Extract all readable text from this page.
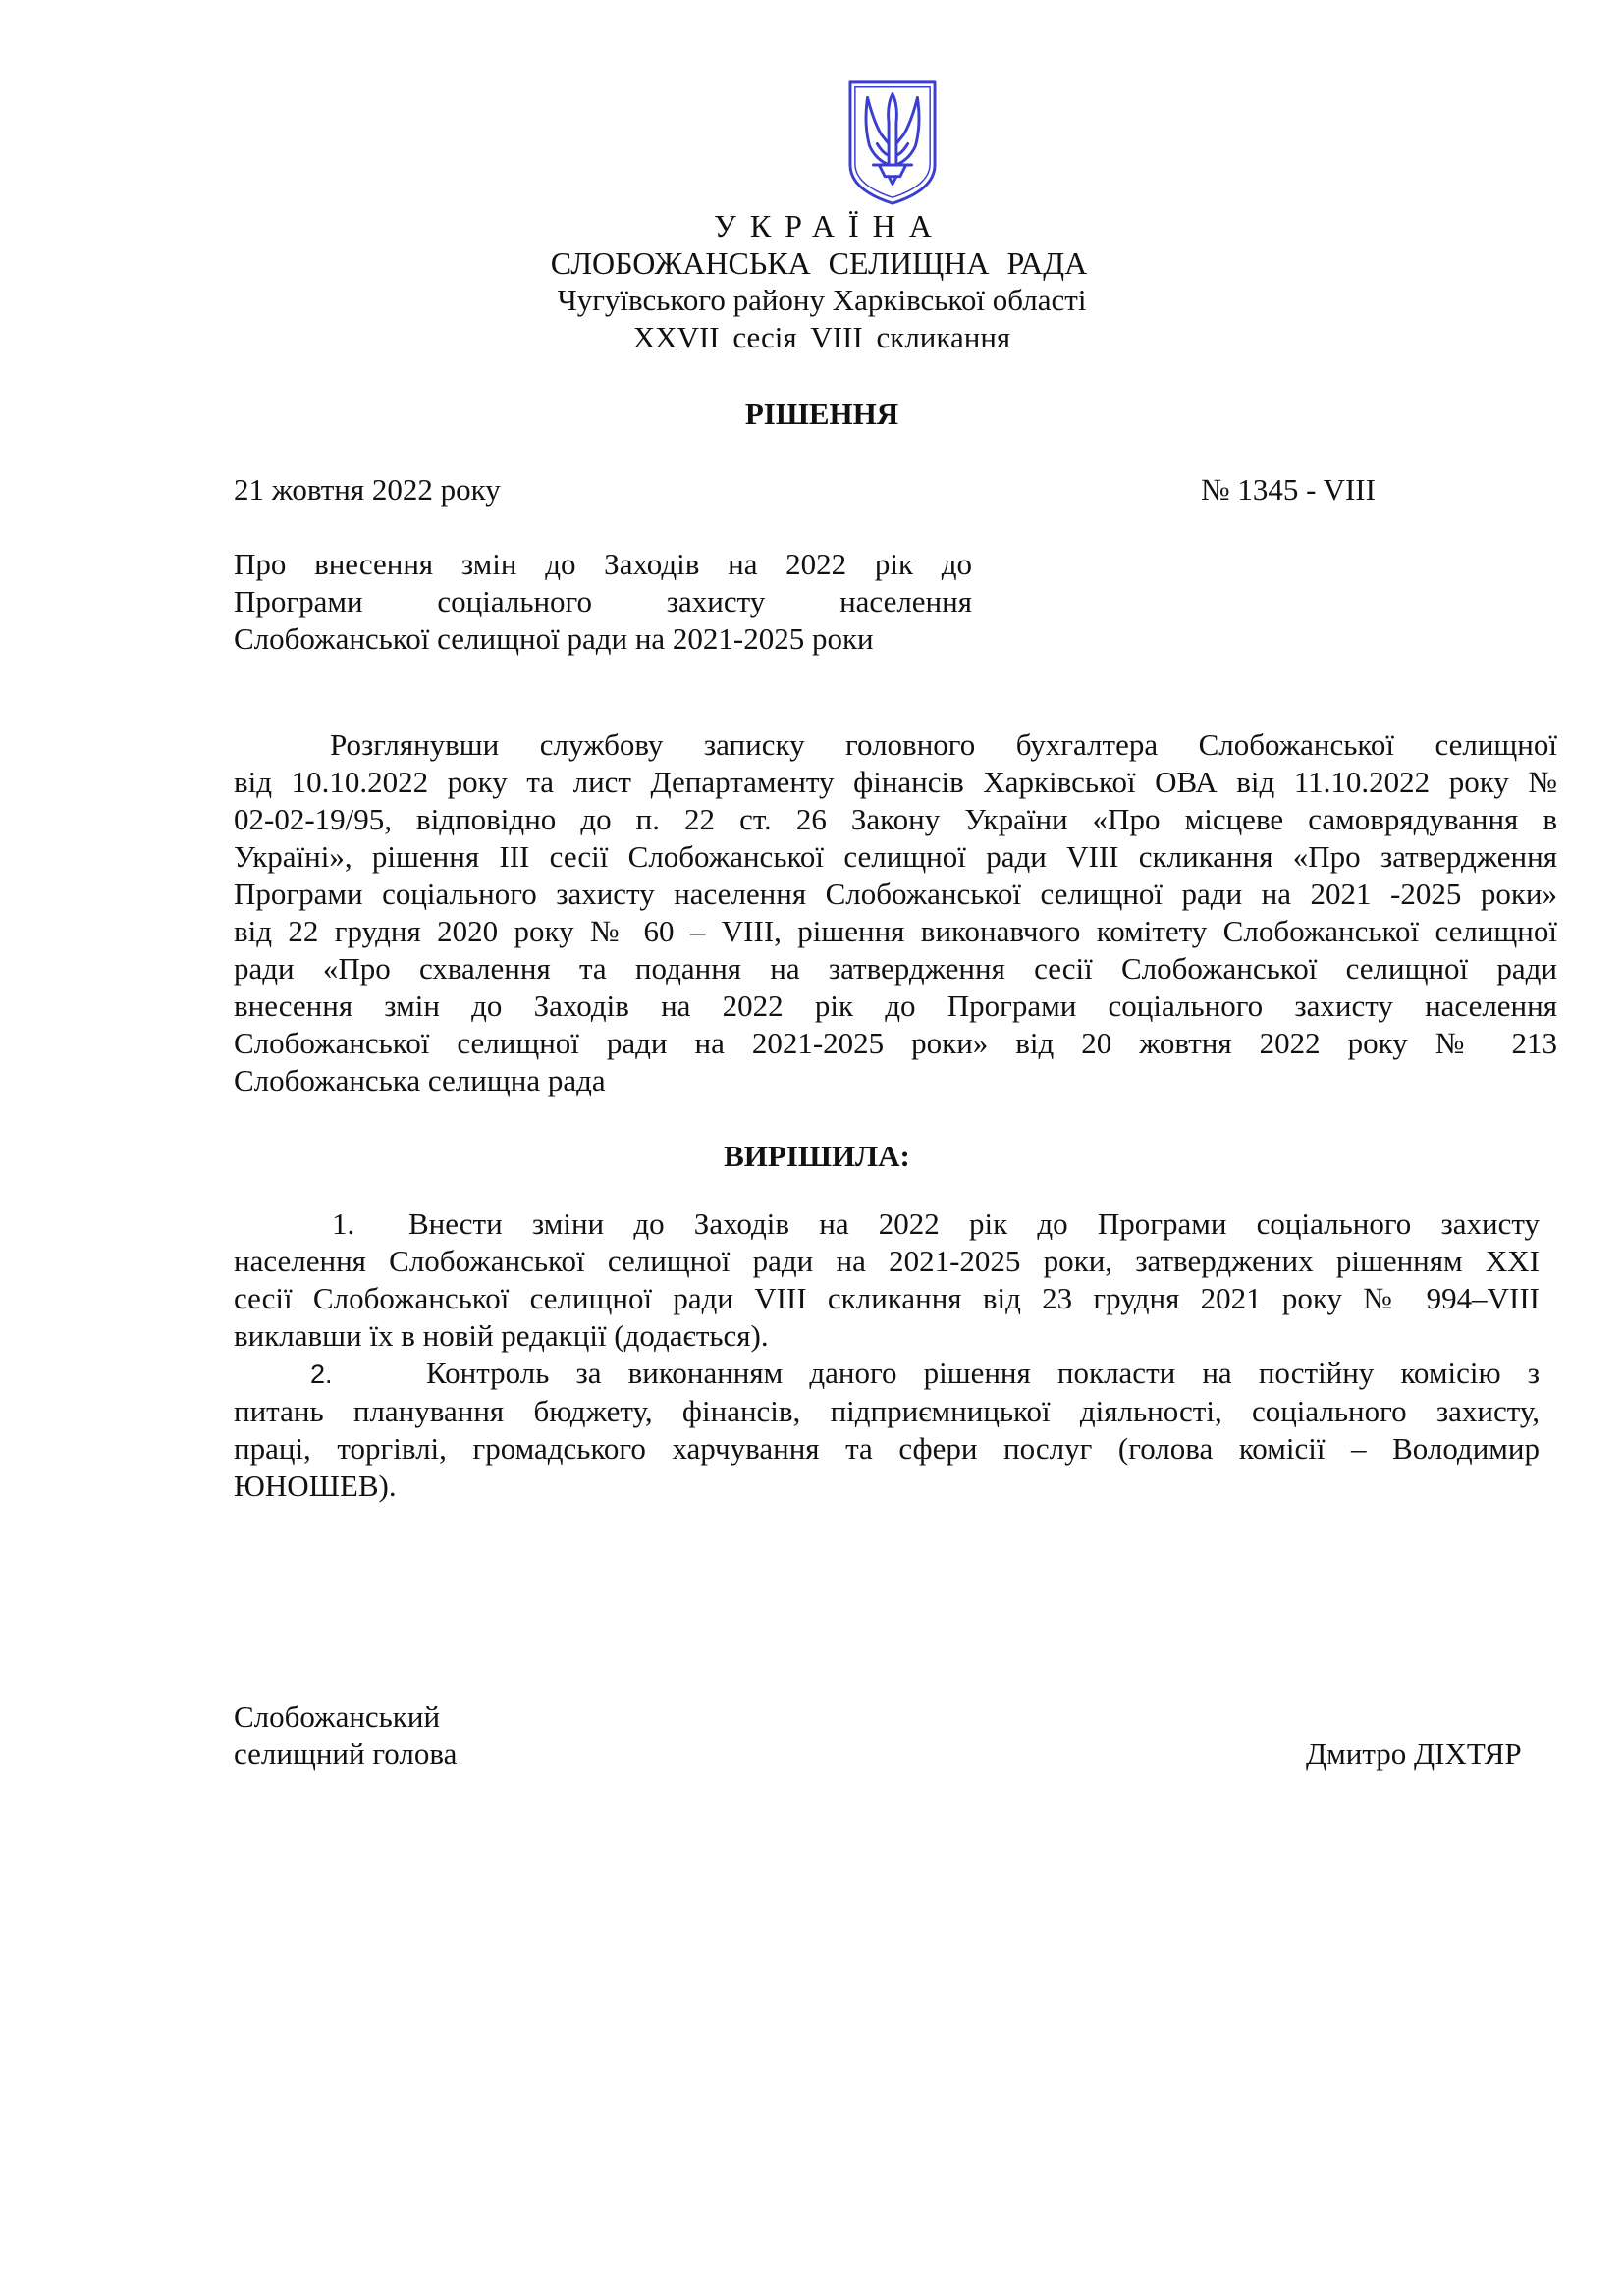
УКРАЇНА
СЛОБОЖАНСЬКА СЕЛИЩНА РАДА
Чугуївського району Харківської області
XXVII сесія VIII скликання
РІШЕННЯ
21 жовтня 2022 року	№ 1345 - VIII
Про внесення змін до Заходів на 2022 рік до
Програми соціального захисту населення
Слобожанської селищної ради на 2021-2025 роки
Розглянувши службову записку головного бухгалтера Слобожанської селищної
від 10.10.2022 року та лист Департаменту фінансів Харківської ОВА від 11.10.2022 року №
02-02-19/95, відповідно до п. 22 ст. 26 Закону України «Про місцеве самоврядування в
Україні», рішення ІІІ сесії Слобожанської селищної ради VIII скликання «Про затвердження
Програми соціального захисту населення Слобожанської селищної ради на 2021 -2025 роки»
від 22 грудня 2020 року № 60 – VIII, рішення виконавчого комітету Слобожанської селищної
ради «Про схвалення та подання на затвердження сесії Слобожанської селищної ради
внесення змін до Заходів на 2022 рік до Програми соціального захисту населення
Слобожанської селищної ради на 2021-2025 роки» від 20 жовтня 2022 року № 213
Слобожанська селищна рада
ВИРІШИЛА:
1. Внести зміни до Заходів на 2022 рік до Програми соціального захисту
населення Слобожанської селищної ради на 2021-2025 роки, затверджених рішенням XXІ
сесії Слобожанської селищної ради VIII скликання від 23 грудня 2021 року № 994–VIII
виклавши їх в новій редакції (додається).
2.	Контроль за виконанням даного рішення покласти на постійну комісію з
питань планування бюджету, фінансів, підприємницької діяльності, соціального захисту,
праці, торгівлі, громадського харчування та сфери послуг (голова комісії – Володимир
ЮНОШЕВ).
Слобожанський
селищний голова	Дмитро ДІХТЯР
